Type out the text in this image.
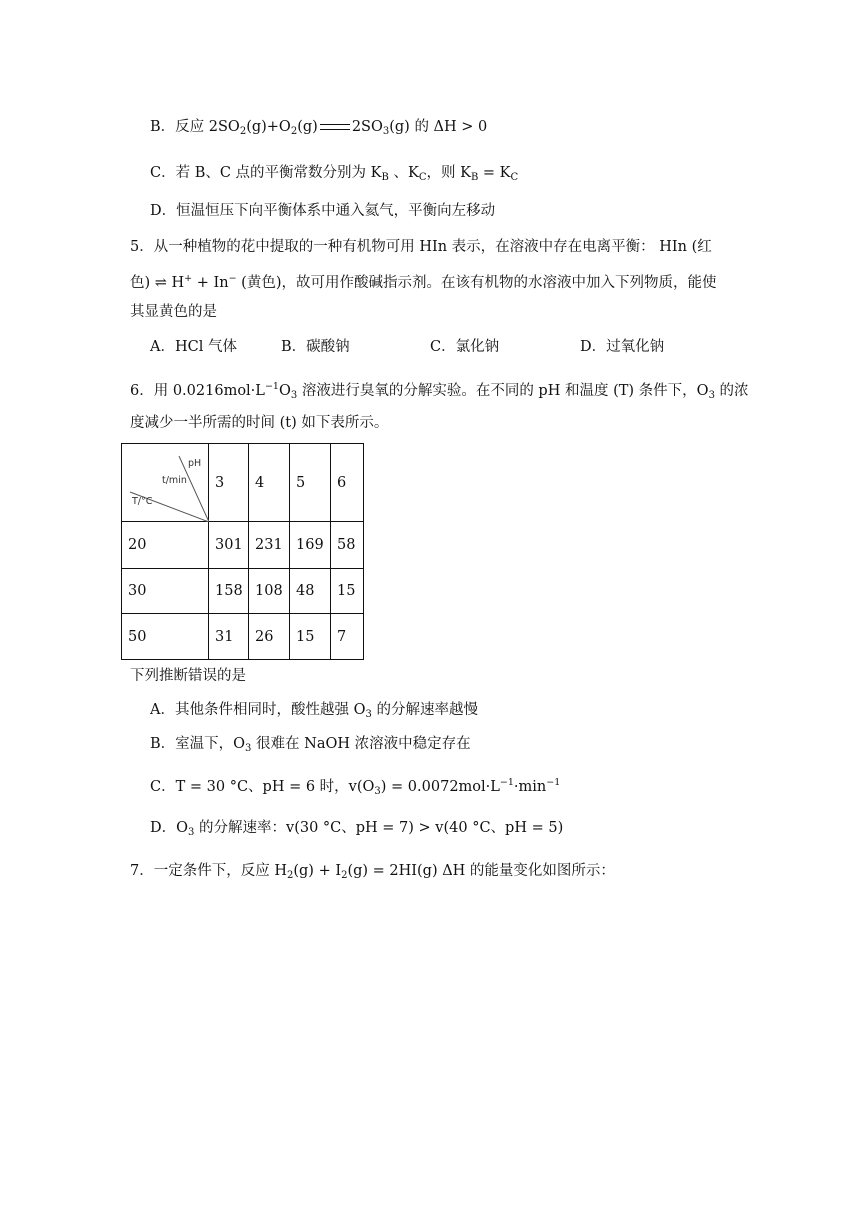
B．反应 $2SO_2(g)+O_2(g)$ $2SO_3(g)$ 的 ΔH > 0
C．若 B、C 点的平衡常数分别为 $K_B$ 、$K_C$，则 $K_B = K_C$
D．恒温恒压下向平衡体系中通入氦气，平衡向左移动
5．从一种植物的花中提取的一种有机物可用 HIn 表示，在溶液中存在电离平衡： HIn (红
色) ⇌ H+ + In− (黄色)，故可用作酸碱指示剂。在该有机物的水溶液中加入下列物质，能使
其显黄色的是
A．HCl 气体	B．碳酸钠	C．氯化钠	D．过氧化钠
6．用 $0.0216mol\cdot L^{-1}O_3$ 溶液进行臭氧的分解实验。在不同的 pH 和温度 (T) 条件下，$O_3$ 的浓
度减少一半所需的时间 (t) 如下表所示。
pH
t/min
T/°C	3	4	5	6
20	301	231	169	58
30	158	108	48	15
50	31	26	15	7
下列推断错误的是
A．其他条件相同时，酸性越强 $O_3$ 的分解速率越慢
B．室温下，$O_3$ 很难在 NaOH 浓溶液中稳定存在
C．T = 30 °C、pH = 6 时，$v(O_3) = 0.0072mol\cdot L^{-1}\cdot\min^{-1}$
D．$O_3$ 的分解速率：v(30 °C、pH = 7) > v(40 °C、pH = 5)
7．一定条件下，反应 $H_2(g) + I_2(g) = 2HI(g)$ ΔH 的能量变化如图所示：
